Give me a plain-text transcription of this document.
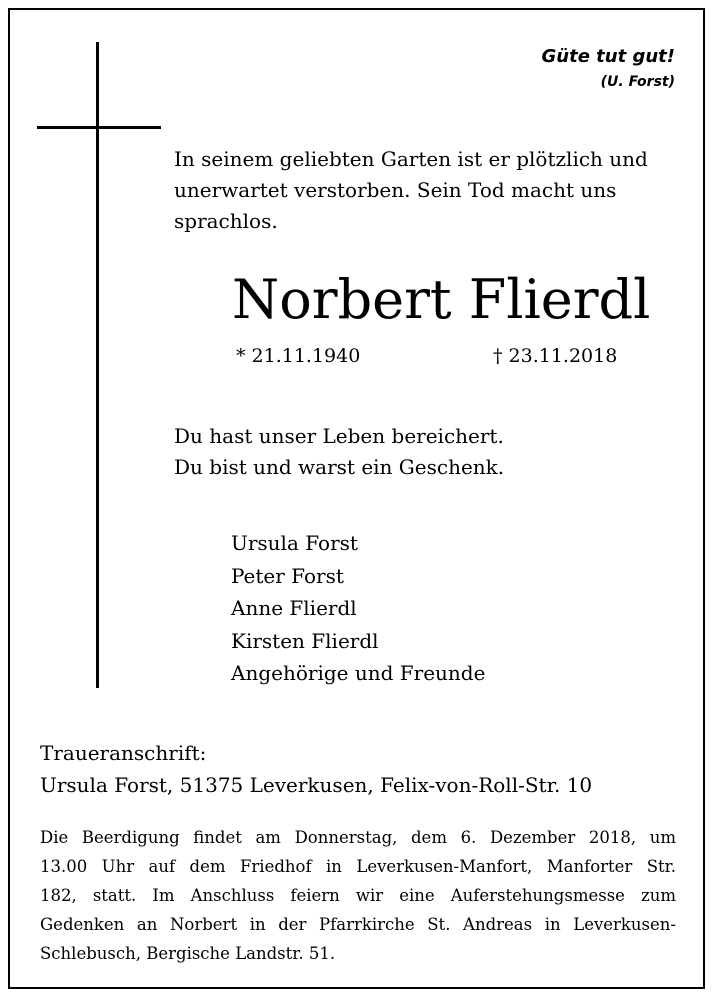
Güte tut gut!
(U. Forst)
In seinem geliebten Garten ist er plötzlich und
unerwartet verstorben. Sein Tod macht uns
sprachlos.
Norbert Flierdl
* 21.11.1940	† 23.11.2018
Du hast unser Leben bereichert.
Du bist und warst ein Geschenk.
Ursula Forst
Peter Forst
Anne Flierdl
Kirsten Flierdl
Angehörige und Freunde
Traueranschrift:
Ursula Forst, 51375 Leverkusen, Felix-von-Roll-Str. 10
Die Beerdigung findet am Donnerstag, dem 6. Dezember 2018, um
13.00 Uhr auf dem Friedhof in Leverkusen-Manfort, Manforter Str.
182, statt. Im Anschluss feiern wir eine Auferstehungsmesse zum
Gedenken an Norbert in der Pfarrkirche St. Andreas in Leverkusen-
Schlebusch, Bergische Landstr. 51.
